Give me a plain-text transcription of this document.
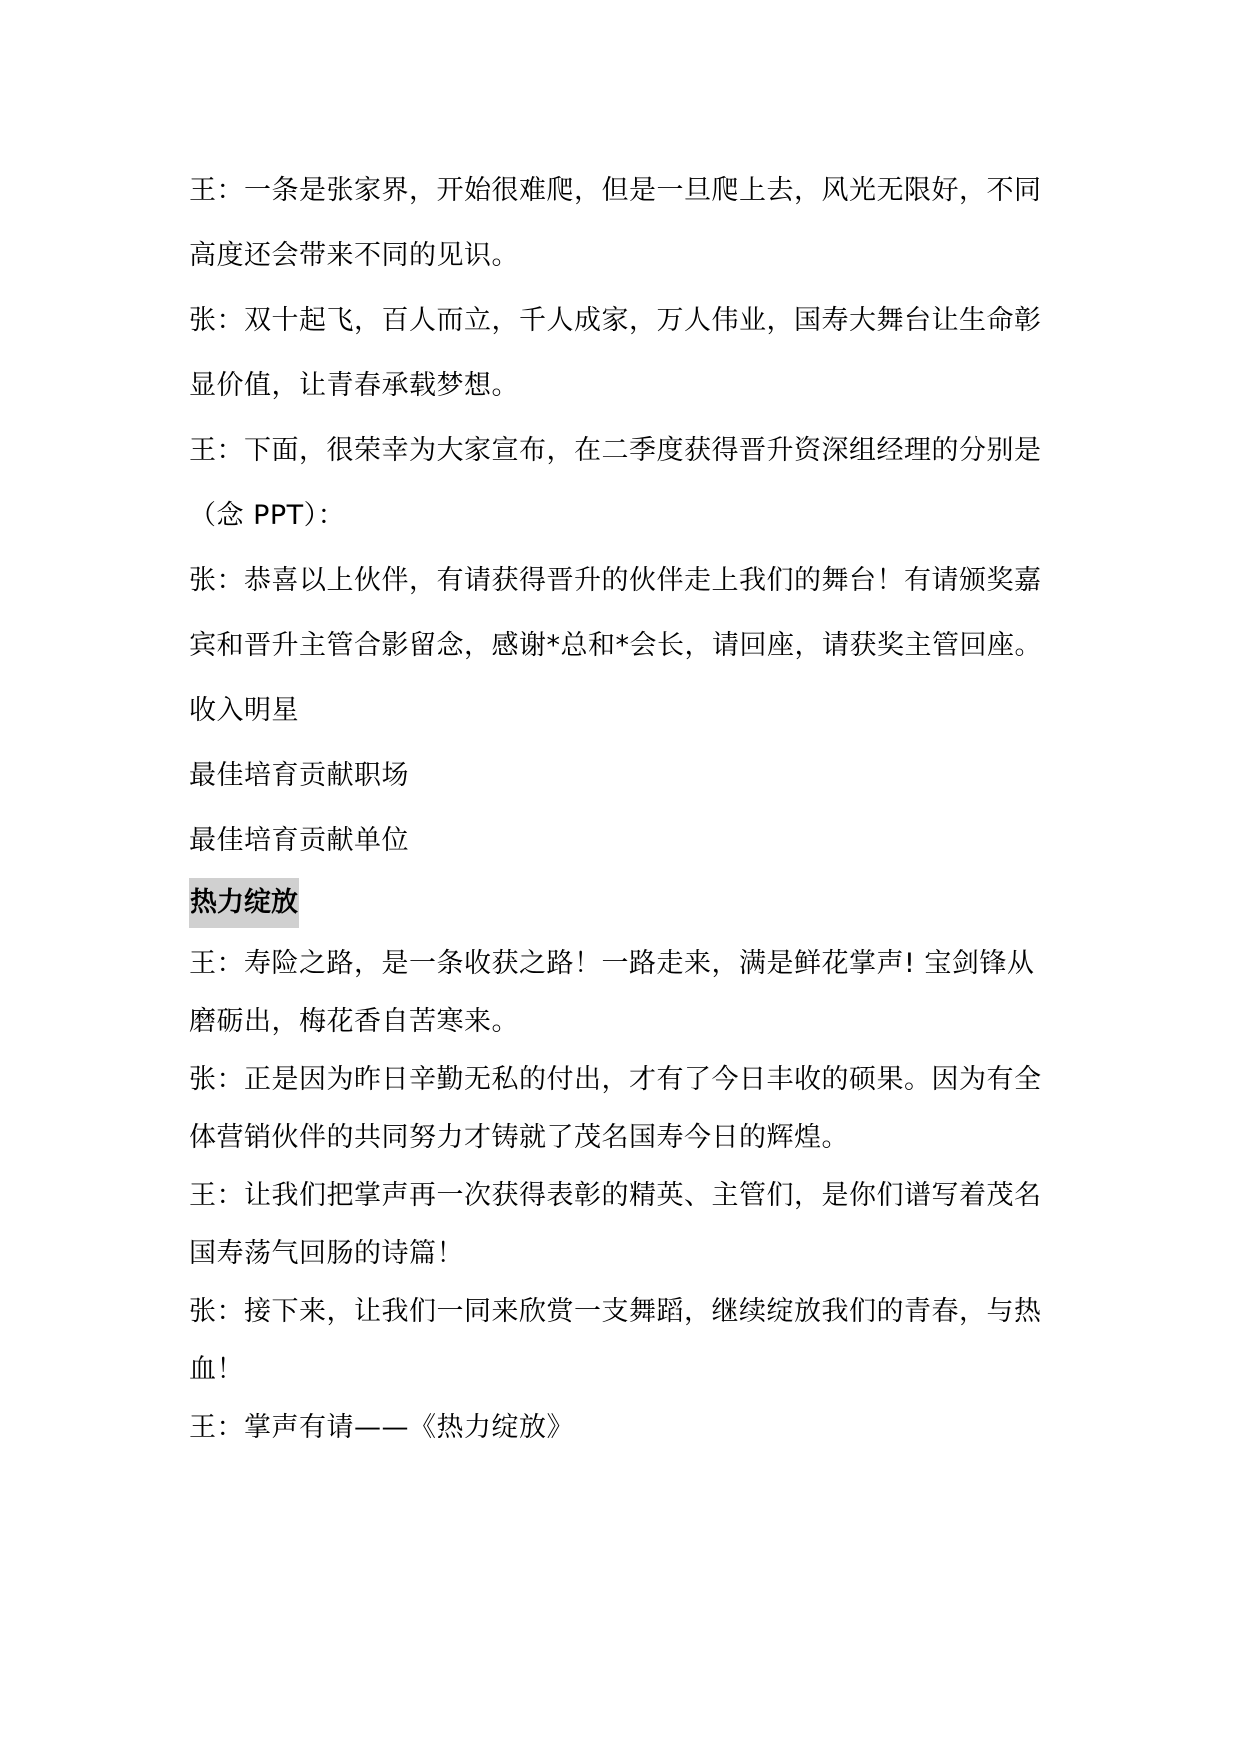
王：一条是张家界，开始很难爬，但是一旦爬上去，风光无限好，不同高度还会带来不同的见识。

张：双十起飞，百人而立，千人成家，万人伟业，国寿大舞台让生命彰显价值，让青春承载梦想。

王：下面，很荣幸为大家宣布，在二季度获得晋升资深组经理的分别是（念 PPT）：

张：恭喜以上伙伴，有请获得晋升的伙伴走上我们的舞台！有请颁奖嘉宾和晋升主管合影留念，感谢*总和*会长，请回座，请获奖主管回座。

收入明星

最佳培育贡献职场

最佳培育贡献单位

热力绽放

王：寿险之路，是一条收获之路！一路走来，满是鲜花掌声! 宝剑锋从磨砺出，梅花香自苦寒来。

张：正是因为昨日辛勤无私的付出，才有了今日丰收的硕果。因为有全体营销伙伴的共同努力才铸就了茂名国寿今日的辉煌。

王：让我们把掌声再一次获得表彰的精英、主管们，是你们谱写着茂名国寿荡气回肠的诗篇！

张：接下来，让我们一同来欣赏一支舞蹈，继续绽放我们的青春，与热血！

王：掌声有请——《热力绽放》
